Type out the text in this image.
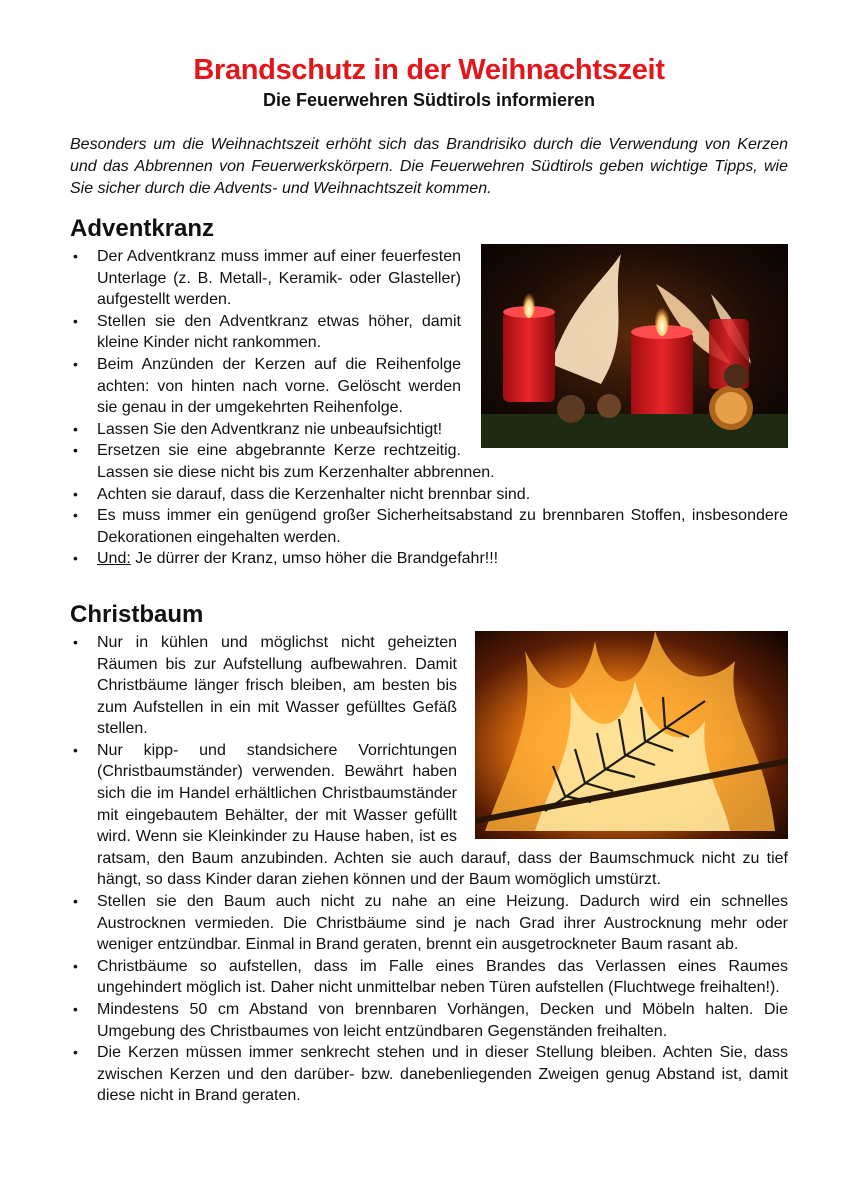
Brandschutz in der Weihnachtszeit

Die Feuerwehren Südtirols informieren

Besonders um die Weihnachtszeit erhöht sich das Brandrisiko durch die Verwendung von Kerzen und das Abbrennen von Feuerwerkskörpern. Die Feuerwehren Südtirols geben wichtige Tipps, wie Sie sicher durch die Advents- und Weihnachtszeit kommen.

Adventkranz
• Der Adventkranz muss immer auf einer feuerfesten Unterlage (z. B. Metall-, Keramik- oder Glasteller) aufgestellt werden.
• Stellen sie den Adventkranz etwas höher, damit kleine Kinder nicht rankommen.
• Beim Anzünden der Kerzen auf die Reihenfolge achten: von hinten nach vorne. Gelöscht werden sie genau in der umgekehrten Reihenfolge.
• Lassen Sie den Adventkranz nie unbeaufsichtigt!
• Ersetzen sie eine abgebrannte Kerze rechtzeitig. Lassen sie diese nicht bis zum Kerzenhalter abbrennen.
• Achten sie darauf, dass die Kerzenhalter nicht brennbar sind.
• Es muss immer ein genügend großer Sicherheitsabstand zu brennbaren Stoffen, insbesondere Dekorationen eingehalten werden.
• Und: Je dürrer der Kranz, umso höher die Brandgefahr!!!
Christbaum
• Nur in kühlen und möglichst nicht geheizten Räumen bis zur Aufstellung aufbewahren. Damit Christbäume länger frisch bleiben, am besten bis zum Aufstellen in ein mit Wasser gefülltes Gefäß stellen.
• Nur kipp- und standsichere Vorrichtungen (Christbaumständer) verwenden. Bewährt haben sich die im Handel erhältlichen Christbaumständer mit eingebautem Behälter, der mit Wasser gefüllt wird. Wenn sie Kleinkinder zu Hause haben, ist es ratsam, den Baum anzubinden. Achten sie auch darauf, dass der Baumschmuck nicht zu tief hängt, so dass Kinder daran ziehen können und der Baum womöglich umstürzt.
• Stellen sie den Baum auch nicht zu nahe an eine Heizung. Dadurch wird ein schnelles Austrocknen vermieden. Die Christbäume sind je nach Grad ihrer Austrocknung mehr oder weniger entzündbar. Einmal in Brand geraten, brennt ein ausgetrockneter Baum rasant ab.
• Christbäume so aufstellen, dass im Falle eines Brandes das Verlassen eines Raumes ungehindert möglich ist. Daher nicht unmittelbar neben Türen aufstellen (Fluchtwege freihalten!).
• Mindestens 50 cm Abstand von brennbaren Vorhängen, Decken und Möbeln halten. Die Umgebung des Christbaumes von leicht entzündbaren Gegenständen freihalten.
• Die Kerzen müssen immer senkrecht stehen und in dieser Stellung bleiben. Achten Sie, dass zwischen Kerzen und den darüber- bzw. danebenliegenden Zweigen genug Abstand ist, damit diese nicht in Brand geraten.
